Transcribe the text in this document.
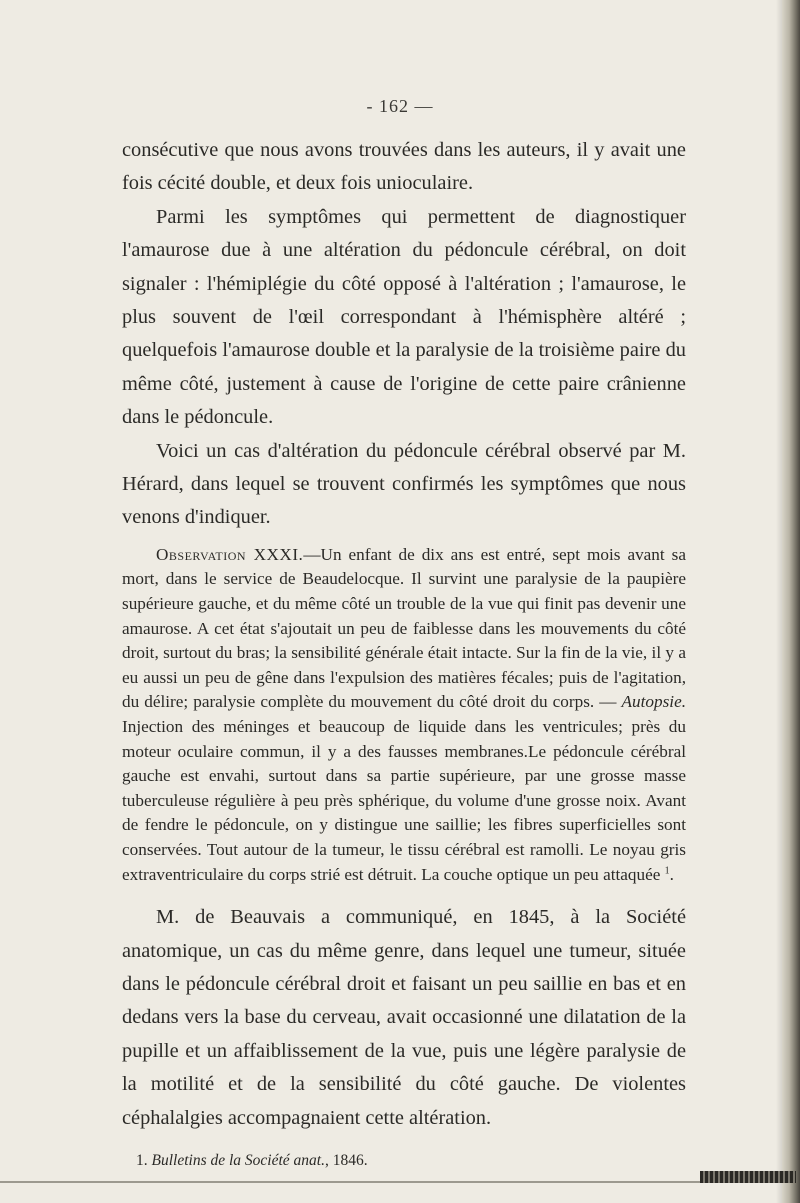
- 162 —

consécutive que nous avons trouvées dans les auteurs, il y avait une fois cécité double, et deux fois unioculaire.

Parmi les symptômes qui permettent de diagnostiquer l'amaurose due à une altération du pédoncule cérébral, on doit signaler : l'hémiplégie du côté opposé à l'altération ; l'amaurose, le plus souvent de l'œil correspondant à l'hémisphère altéré ; quelquefois l'amaurose double et la paralysie de la troisième paire du même côté, justement à cause de l'origine de cette paire crânienne dans le pédoncule.

Voici un cas d'altération du pédoncule cérébral observé par M. Hérard, dans lequel se trouvent confirmés les symptômes que nous venons d'indiquer.

Observation XXXI.—Un enfant de dix ans est entré, sept mois avant sa mort, dans le service de Beaudelocque. Il survint une paralysie de la paupière supérieure gauche, et du même côté un trouble de la vue qui finit pas devenir une amaurose. A cet état s'ajoutait un peu de faiblesse dans les mouvements du côté droit, surtout du bras; la sensibilité générale était intacte. Sur la fin de la vie, il y a eu aussi un peu de gêne dans l'expulsion des matières fécales; puis de l'agitation, du délire; paralysie complète du mouvement du côté droit du corps. — Autopsie. Injection des méninges et beaucoup de liquide dans les ventricules; près du moteur oculaire commun, il y a des fausses membranes.Le pédoncule cérébral gauche est envahi, surtout dans sa partie supérieure, par une grosse masse tuberculeuse régulière à peu près sphérique, du volume d'une grosse noix. Avant de fendre le pédoncule, on y distingue une saillie; les fibres superficielles sont conservées. Tout autour de la tumeur, le tissu cérébral est ramolli. Le noyau gris extraventriculaire du corps strié est détruit. La couche optique un peu attaquée $^1$.

M. de Beauvais a communiqué, en 1845, à la Société anatomique, un cas du même genre, dans lequel une tumeur, située dans le pédoncule cérébral droit et faisant un peu saillie en bas et en dedans vers la base du cerveau, avait occasionné une dilatation de la pupille et un affaiblissement de la vue, puis une légère paralysie de la motilité et de la sensibilité du côté gauche. De violentes céphalalgies accompagnaient cette altération.

1. Bulletins de la Société anat., 1846.
